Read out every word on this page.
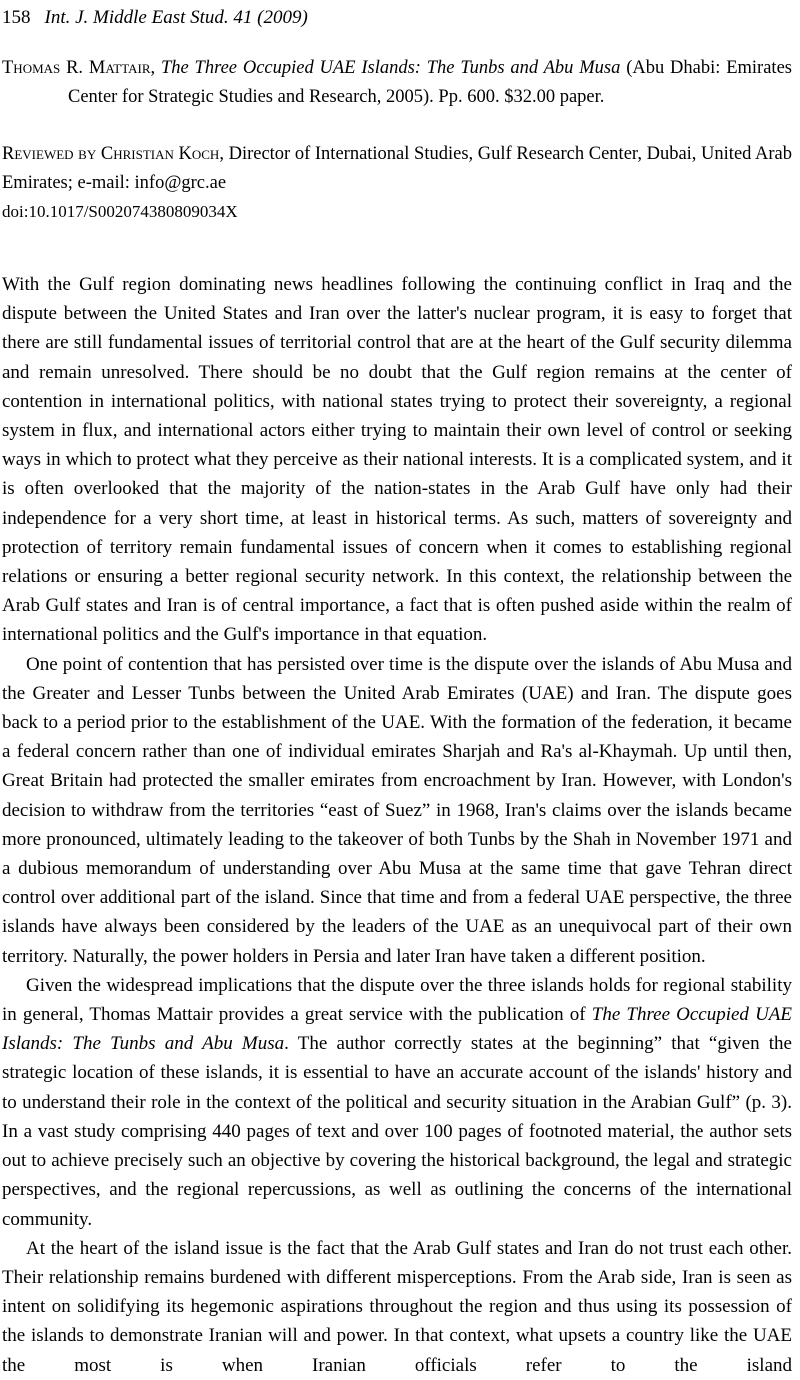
158 Int. J. Middle East Stud. 41 (2009)
Thomas R. Mattair, The Three Occupied UAE Islands: The Tunbs and Abu Musa (Abu Dhabi: Emirates Center for Strategic Studies and Research, 2005). Pp. 600. $32.00 paper.
Reviewed by Christian Koch, Director of International Studies, Gulf Research Center, Dubai, United Arab Emirates; e-mail: info@grc.ae
doi:10.1017/S002074380809034X

With the Gulf region dominating news headlines following the continuing conflict in Iraq and the dispute between the United States and Iran over the latter's nuclear program, it is easy to forget that there are still fundamental issues of territorial control that are at the heart of the Gulf security dilemma and remain unresolved. There should be no doubt that the Gulf region remains at the center of contention in international politics, with national states trying to protect their sovereignty, a regional system in flux, and international actors either trying to maintain their own level of control or seeking ways in which to protect what they perceive as their national interests. It is a complicated system, and it is often overlooked that the majority of the nation-states in the Arab Gulf have only had their independence for a very short time, at least in historical terms. As such, matters of sovereignty and protection of territory remain fundamental issues of concern when it comes to establishing regional relations or ensuring a better regional security network. In this context, the relationship between the Arab Gulf states and Iran is of central importance, a fact that is often pushed aside within the realm of international politics and the Gulf's importance in that equation.

One point of contention that has persisted over time is the dispute over the islands of Abu Musa and the Greater and Lesser Tunbs between the United Arab Emirates (UAE) and Iran. The dispute goes back to a period prior to the establishment of the UAE. With the formation of the federation, it became a federal concern rather than one of individual emirates Sharjah and Ra's al-Khaymah. Up until then, Great Britain had protected the smaller emirates from encroachment by Iran. However, with London's decision to withdraw from the territories “east of Suez” in 1968, Iran's claims over the islands became more pronounced, ultimately leading to the takeover of both Tunbs by the Shah in November 1971 and a dubious memorandum of understanding over Abu Musa at the same time that gave Tehran direct control over additional part of the island. Since that time and from a federal UAE perspective, the three islands have always been considered by the leaders of the UAE as an unequivocal part of their own territory. Naturally, the power holders in Persia and later Iran have taken a different position.

Given the widespread implications that the dispute over the three islands holds for regional stability in general, Thomas Mattair provides a great service with the publication of The Three Occupied UAE Islands: The Tunbs and Abu Musa. The author correctly states at the beginning” that “given the strategic location of these islands, it is essential to have an accurate account of the islands' history and to understand their role in the context of the political and security situation in the Arabian Gulf” (p. 3). In a vast study comprising 440 pages of text and over 100 pages of footnoted material, the author sets out to achieve precisely such an objective by covering the historical background, the legal and strategic perspectives, and the regional repercussions, as well as outlining the concerns of the international community.

At the heart of the island issue is the fact that the Arab Gulf states and Iran do not trust each other. Their relationship remains burdened with different misperceptions. From the Arab side, Iran is seen as intent on solidifying its hegemonic aspirations throughout the region and thus using its possession of the islands to demonstrate Iranian will and power. In that context, what upsets a country like the UAE the most is when Iranian officials refer to the island
